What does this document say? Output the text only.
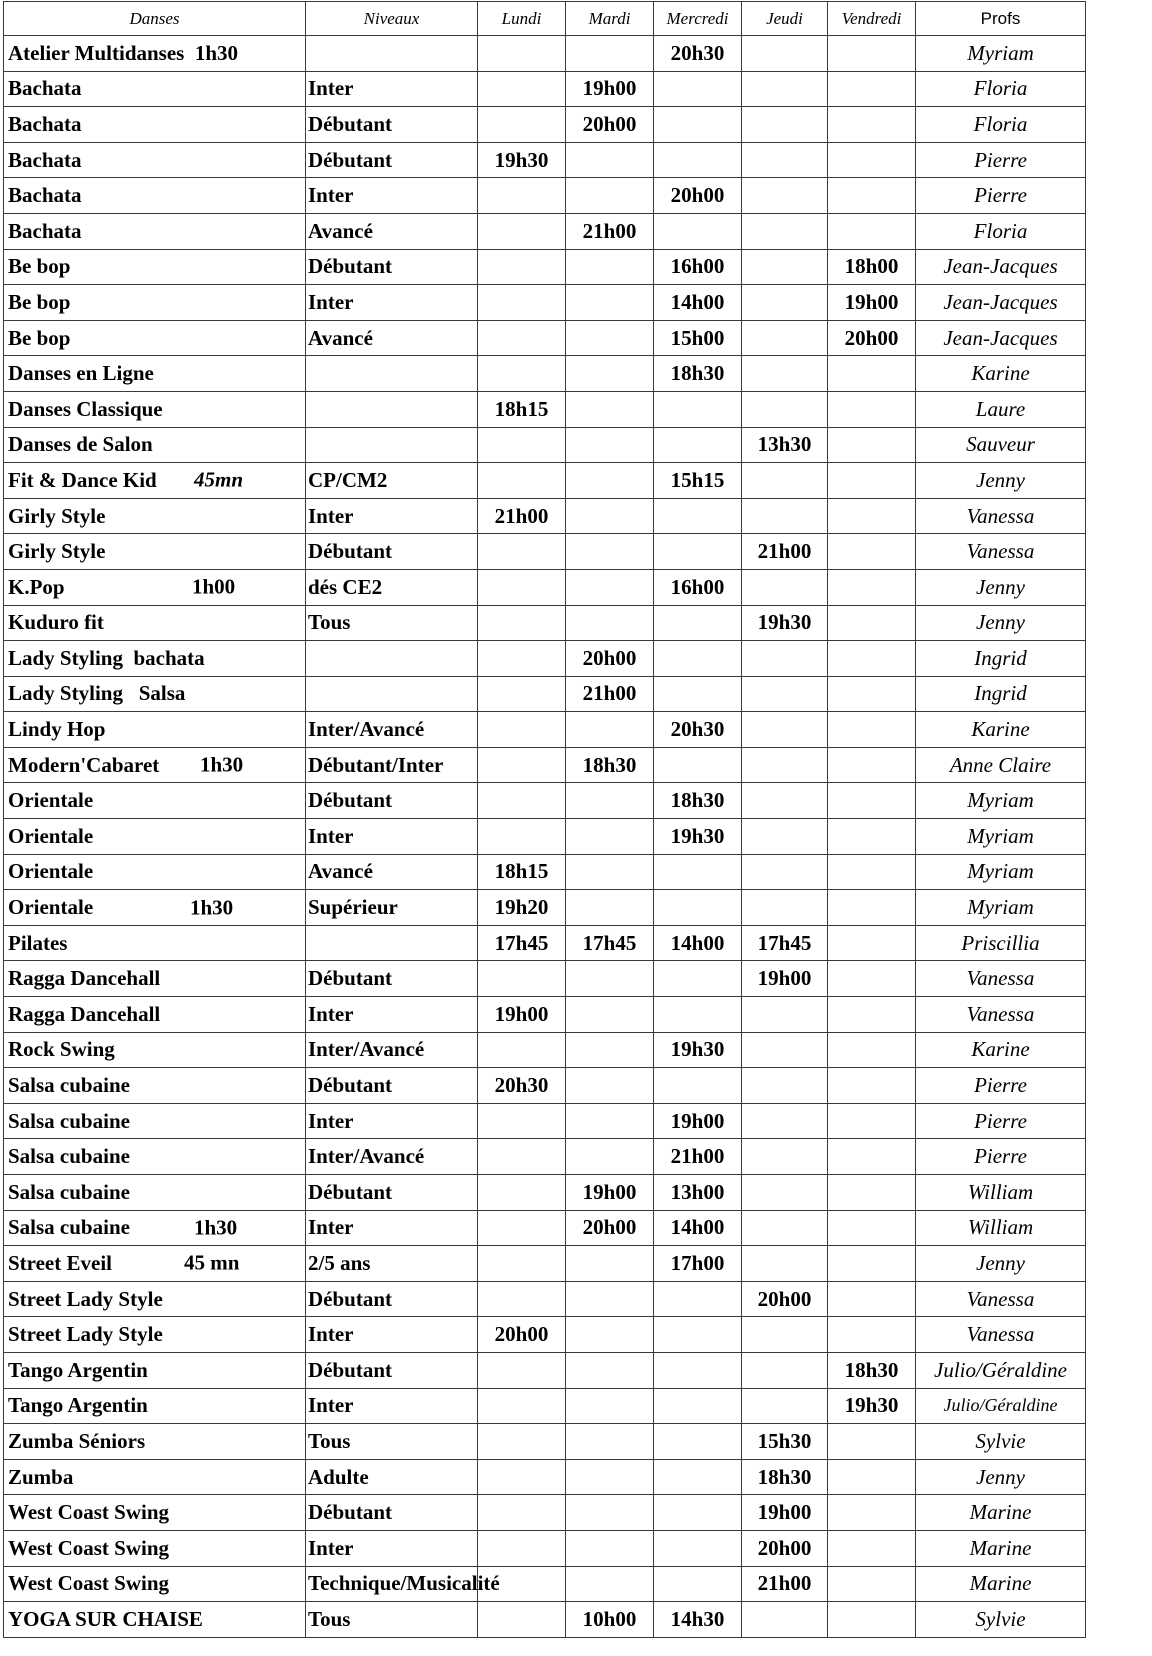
Danses	Niveaux	Lundi	Mardi	Mercredi	Jeudi	Vendredi	Profs
Atelier Multidanses  1h30				20h30			Myriam
Bachata	Inter		19h00				Floria
Bachata	Débutant		20h00				Floria
Bachata	Débutant	19h30					Pierre
Bachata	Inter			20h00			Pierre
Bachata	Avancé		21h00				Floria
Be bop	Débutant			16h00		18h00	Jean-Jacques
Be bop	Inter			14h00		19h00	Jean-Jacques
Be bop	Avancé			15h00		20h00	Jean-Jacques
Danses en Ligne				18h30			Karine
Danses Classique		18h15					Laure
Danses de Salon					13h30		Sauveur
Fit & Dance Kid 45mn	CP/CM2			15h15			Jenny
Girly Style	Inter	21h00					Vanessa
Girly Style	Débutant				21h00		Vanessa
K.Pop 1h00	dés CE2			16h00			Jenny
Kuduro fit	Tous				19h30		Jenny
Lady Styling  bachata			20h00				Ingrid
Lady Styling   Salsa			21h00				Ingrid
Lindy Hop	Inter/Avancé			20h30			Karine
Modern'Cabaret 1h30	Débutant/Inter		18h30				Anne Claire
Orientale	Débutant			18h30			Myriam
Orientale	Inter			19h30			Myriam
Orientale	Avancé	18h15					Myriam
Orientale 1h30	Supérieur	19h20					Myriam
Pilates		17h45	17h45	14h00	17h45		Priscillia
Ragga Dancehall	Débutant				19h00		Vanessa
Ragga Dancehall	Inter	19h00					Vanessa
Rock Swing	Inter/Avancé			19h30			Karine
Salsa cubaine	Débutant	20h30					Pierre
Salsa cubaine	Inter			19h00			Pierre
Salsa cubaine	Inter/Avancé			21h00			Pierre
Salsa cubaine	Débutant		19h00	13h00			William
Salsa cubaine 1h30	Inter		20h00	14h00			William
Street Eveil 45 mn	2/5 ans			17h00			Jenny
Street Lady Style	Débutant				20h00		Vanessa
Street Lady Style	Inter	20h00					Vanessa
Tango Argentin	Débutant					18h30	Julio/Géraldine
Tango Argentin	Inter					19h30	Julio/Géraldine
Zumba Séniors	Tous				15h30		Sylvie
Zumba	Adulte				18h30		Jenny
West Coast Swing	Débutant				19h00		Marine
West Coast Swing	Inter				20h00		Marine
West Coast Swing	Technique/Musicalité				21h00		Marine
YOGA SUR CHAISE	Tous		10h00	14h30			Sylvie
